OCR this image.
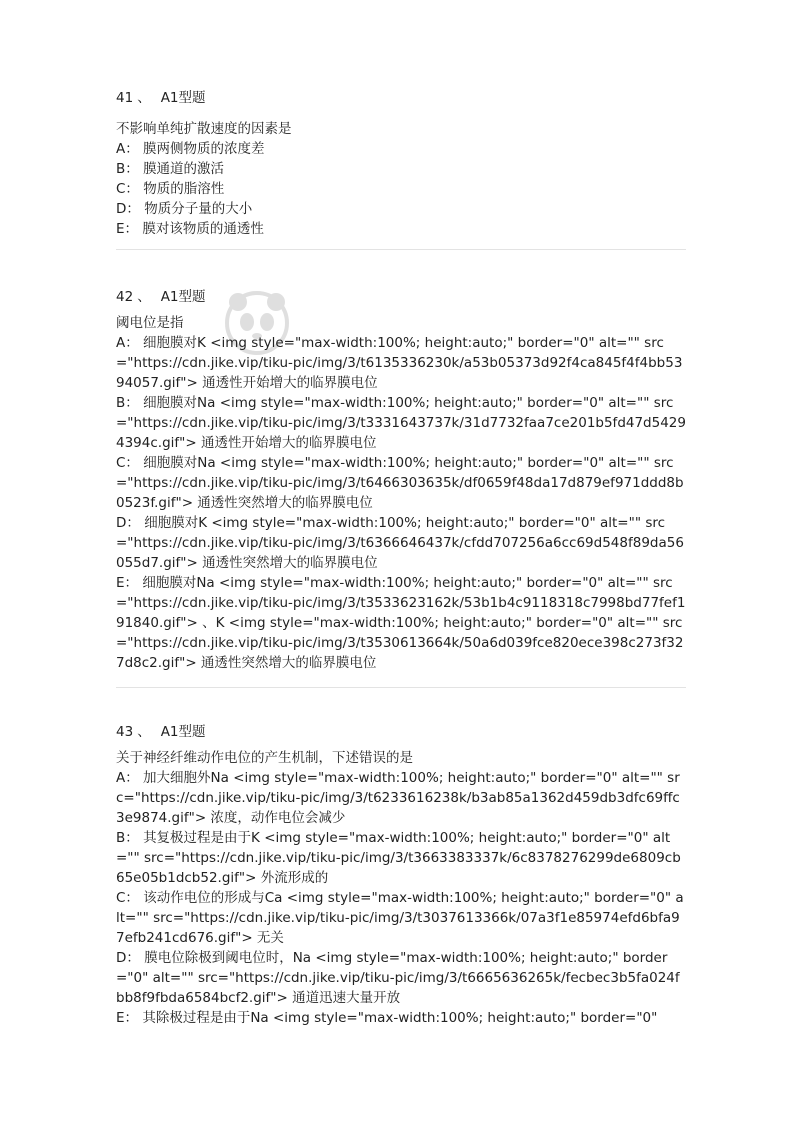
41 、 A1型题
不影响单纯扩散速度的因素是
A： 膜两侧物质的浓度差
B： 膜通道的激活
C： 物质的脂溶性
D： 物质分子量的大小
E： 膜对该物质的通透性
42 、 A1型题
阈电位是指
A： 细胞膜对K <img style="max-width:100%; height:auto;" border="0" alt="" src="https://cdn.jike.vip/tiku-pic/img/3/t6135336230k/a53b05373d92f4ca845f4f4bb5394057.gif"> 通透性开始增大的临界膜电位
B： 细胞膜对Na <img style="max-width:100%; height:auto;" border="0" alt="" src="https://cdn.jike.vip/tiku-pic/img/3/t3331643737k/31d7732faa7ce201b5fd47d54294394c.gif"> 通透性开始增大的临界膜电位
C： 细胞膜对Na <img style="max-width:100%; height:auto;" border="0" alt="" src="https://cdn.jike.vip/tiku-pic/img/3/t6466303635k/df0659f48da17d879ef971ddd8b0523f.gif"> 通透性突然增大的临界膜电位
D： 细胞膜对K <img style="max-width:100%; height:auto;" border="0" alt="" src="https://cdn.jike.vip/tiku-pic/img/3/t6366646437k/cfdd707256a6cc69d548f89da56055d7.gif"> 通透性突然增大的临界膜电位
E： 细胞膜对Na <img style="max-width:100%; height:auto;" border="0" alt="" src="https://cdn.jike.vip/tiku-pic/img/3/t3533623162k/53b1b4c9118318c7998bd77fef191840.gif"> 、K <img style="max-width:100%; height:auto;" border="0" alt="" src="https://cdn.jike.vip/tiku-pic/img/3/t3530613664k/50a6d039fce820ece398c273f327d8c2.gif"> 通透性突然增大的临界膜电位
43 、 A1型题
关于神经纤维动作电位的产生机制，下述错误的是
A： 加大细胞外Na <img style="max-width:100%; height:auto;" border="0" alt="" src="https://cdn.jike.vip/tiku-pic/img/3/t6233616238k/b3ab85a1362d459db3dfc69ffc3e9874.gif"> 浓度，动作电位会减少
B： 其复极过程是由于K <img style="max-width:100%; height:auto;" border="0" alt="" src="https://cdn.jike.vip/tiku-pic/img/3/t3663383337k/6c8378276299de6809cb65e05b1dcb52.gif"> 外流形成的
C： 该动作电位的形成与Ca <img style="max-width:100%; height:auto;" border="0" alt="" src="https://cdn.jike.vip/tiku-pic/img/3/t3037613366k/07a3f1e85974efd6bfa97efb241cd676.gif"> 无关
D： 膜电位除极到阈电位时，Na <img style="max-width:100%; height:auto;" border="0" alt="" src="https://cdn.jike.vip/tiku-pic/img/3/t6665636265k/fecbec3b5fa024fbb8f9fbda6584bcf2.gif"> 通道迅速大量开放
E： 其除极过程是由于Na <img style="max-width:100%; height:auto;" border="0"
